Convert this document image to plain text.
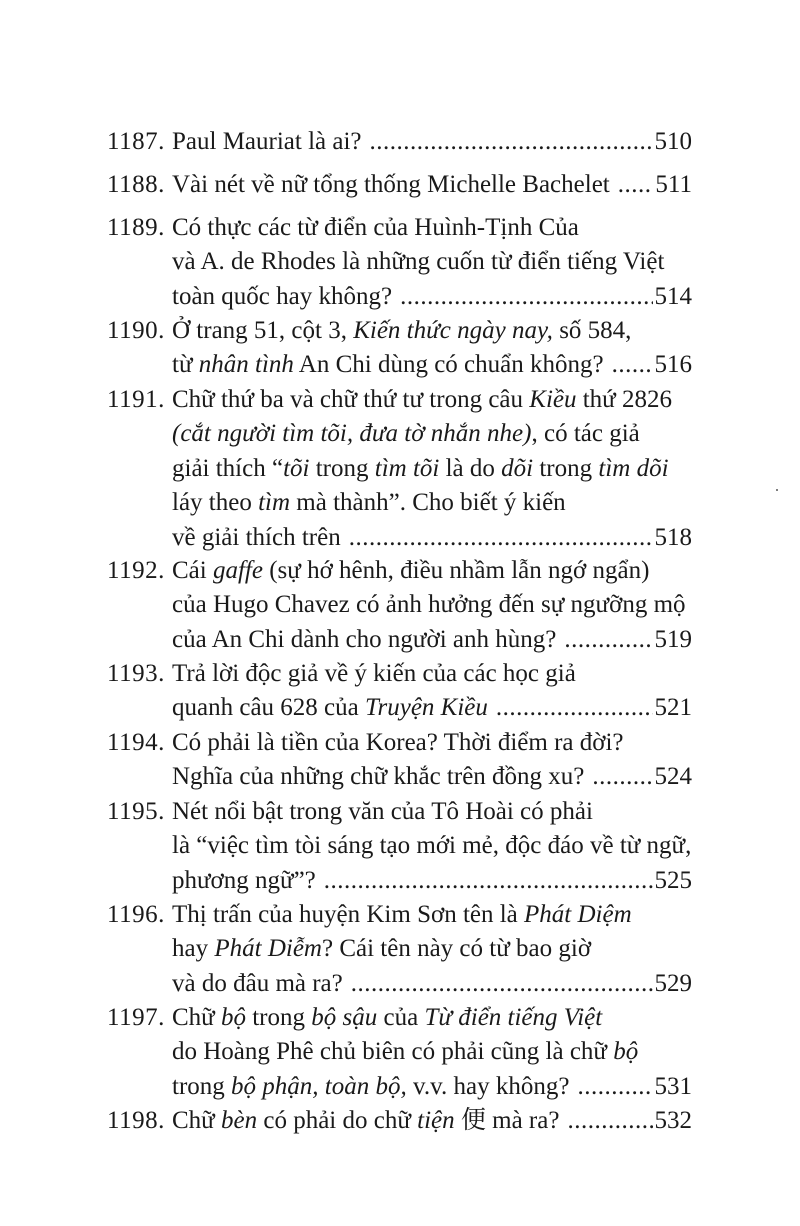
1187. Paul Mauriat là ai? .....	510
1188. Vài nét về nữ tổng thống Michelle Bachelet ..... 511
1189. Có thực các từ điển của Huình-Tịnh Của
và A. de Rhodes là những cuốn từ điển tiếng Việt
toàn quốc hay không? .....	514
1190. Ở trang 51, cột 3, Kiến thức ngày nay, số 584,
từ nhân tình An Chi dùng có chuẩn không? ..... 516
1191. Chữ thứ ba và chữ thứ tư trong câu Kiều thứ 2826
(cắt người tìm tõi, đưa tờ nhắn nhe) , có tác giả
giải thích “ tõi trong tìm tõi là do dõi trong tìm dõi
láy theo tìm mà thành”. Cho biết ý kiến
về giải thích trên .....	518
1192. Cái gaffe (sự hớ hênh, điều nhầm lẫn ngớ ngẩn)
của Hugo Chavez có ảnh hưởng đến sự ngưỡng mộ
của An Chi dành cho người anh hùng? .....	519
1193. Trả lời độc giả về ý kiến của các học giả
quanh câu 628 của Truyện Kiều .....	521
1194. Có phải là tiền của Korea? Thời điểm ra đời?
Nghĩa của những chữ khắc trên đồng xu? .....	524
1195. Nét nổi bật trong văn của Tô Hoài có phải
là “việc tìm tòi sáng tạo mới mẻ, độc đáo về từ ngữ,
phương ngữ”? .....	525
1196. Thị trấn của huyện Kim Sơn tên là Phát Diệm
hay Phát Diễm ? Cái tên này có từ bao giờ
và do đâu mà ra? .....	529
1197. Chữ bộ trong bộ sậu của Từ điển tiếng Việt
do Hoàng Phê chủ biên có phải cũng là chữ bộ
trong bộ phận, toàn bộ, v.v. hay không? .....	531
1198. Chữ bèn có phải do chữ tiện 便 mà ra? .....	532
